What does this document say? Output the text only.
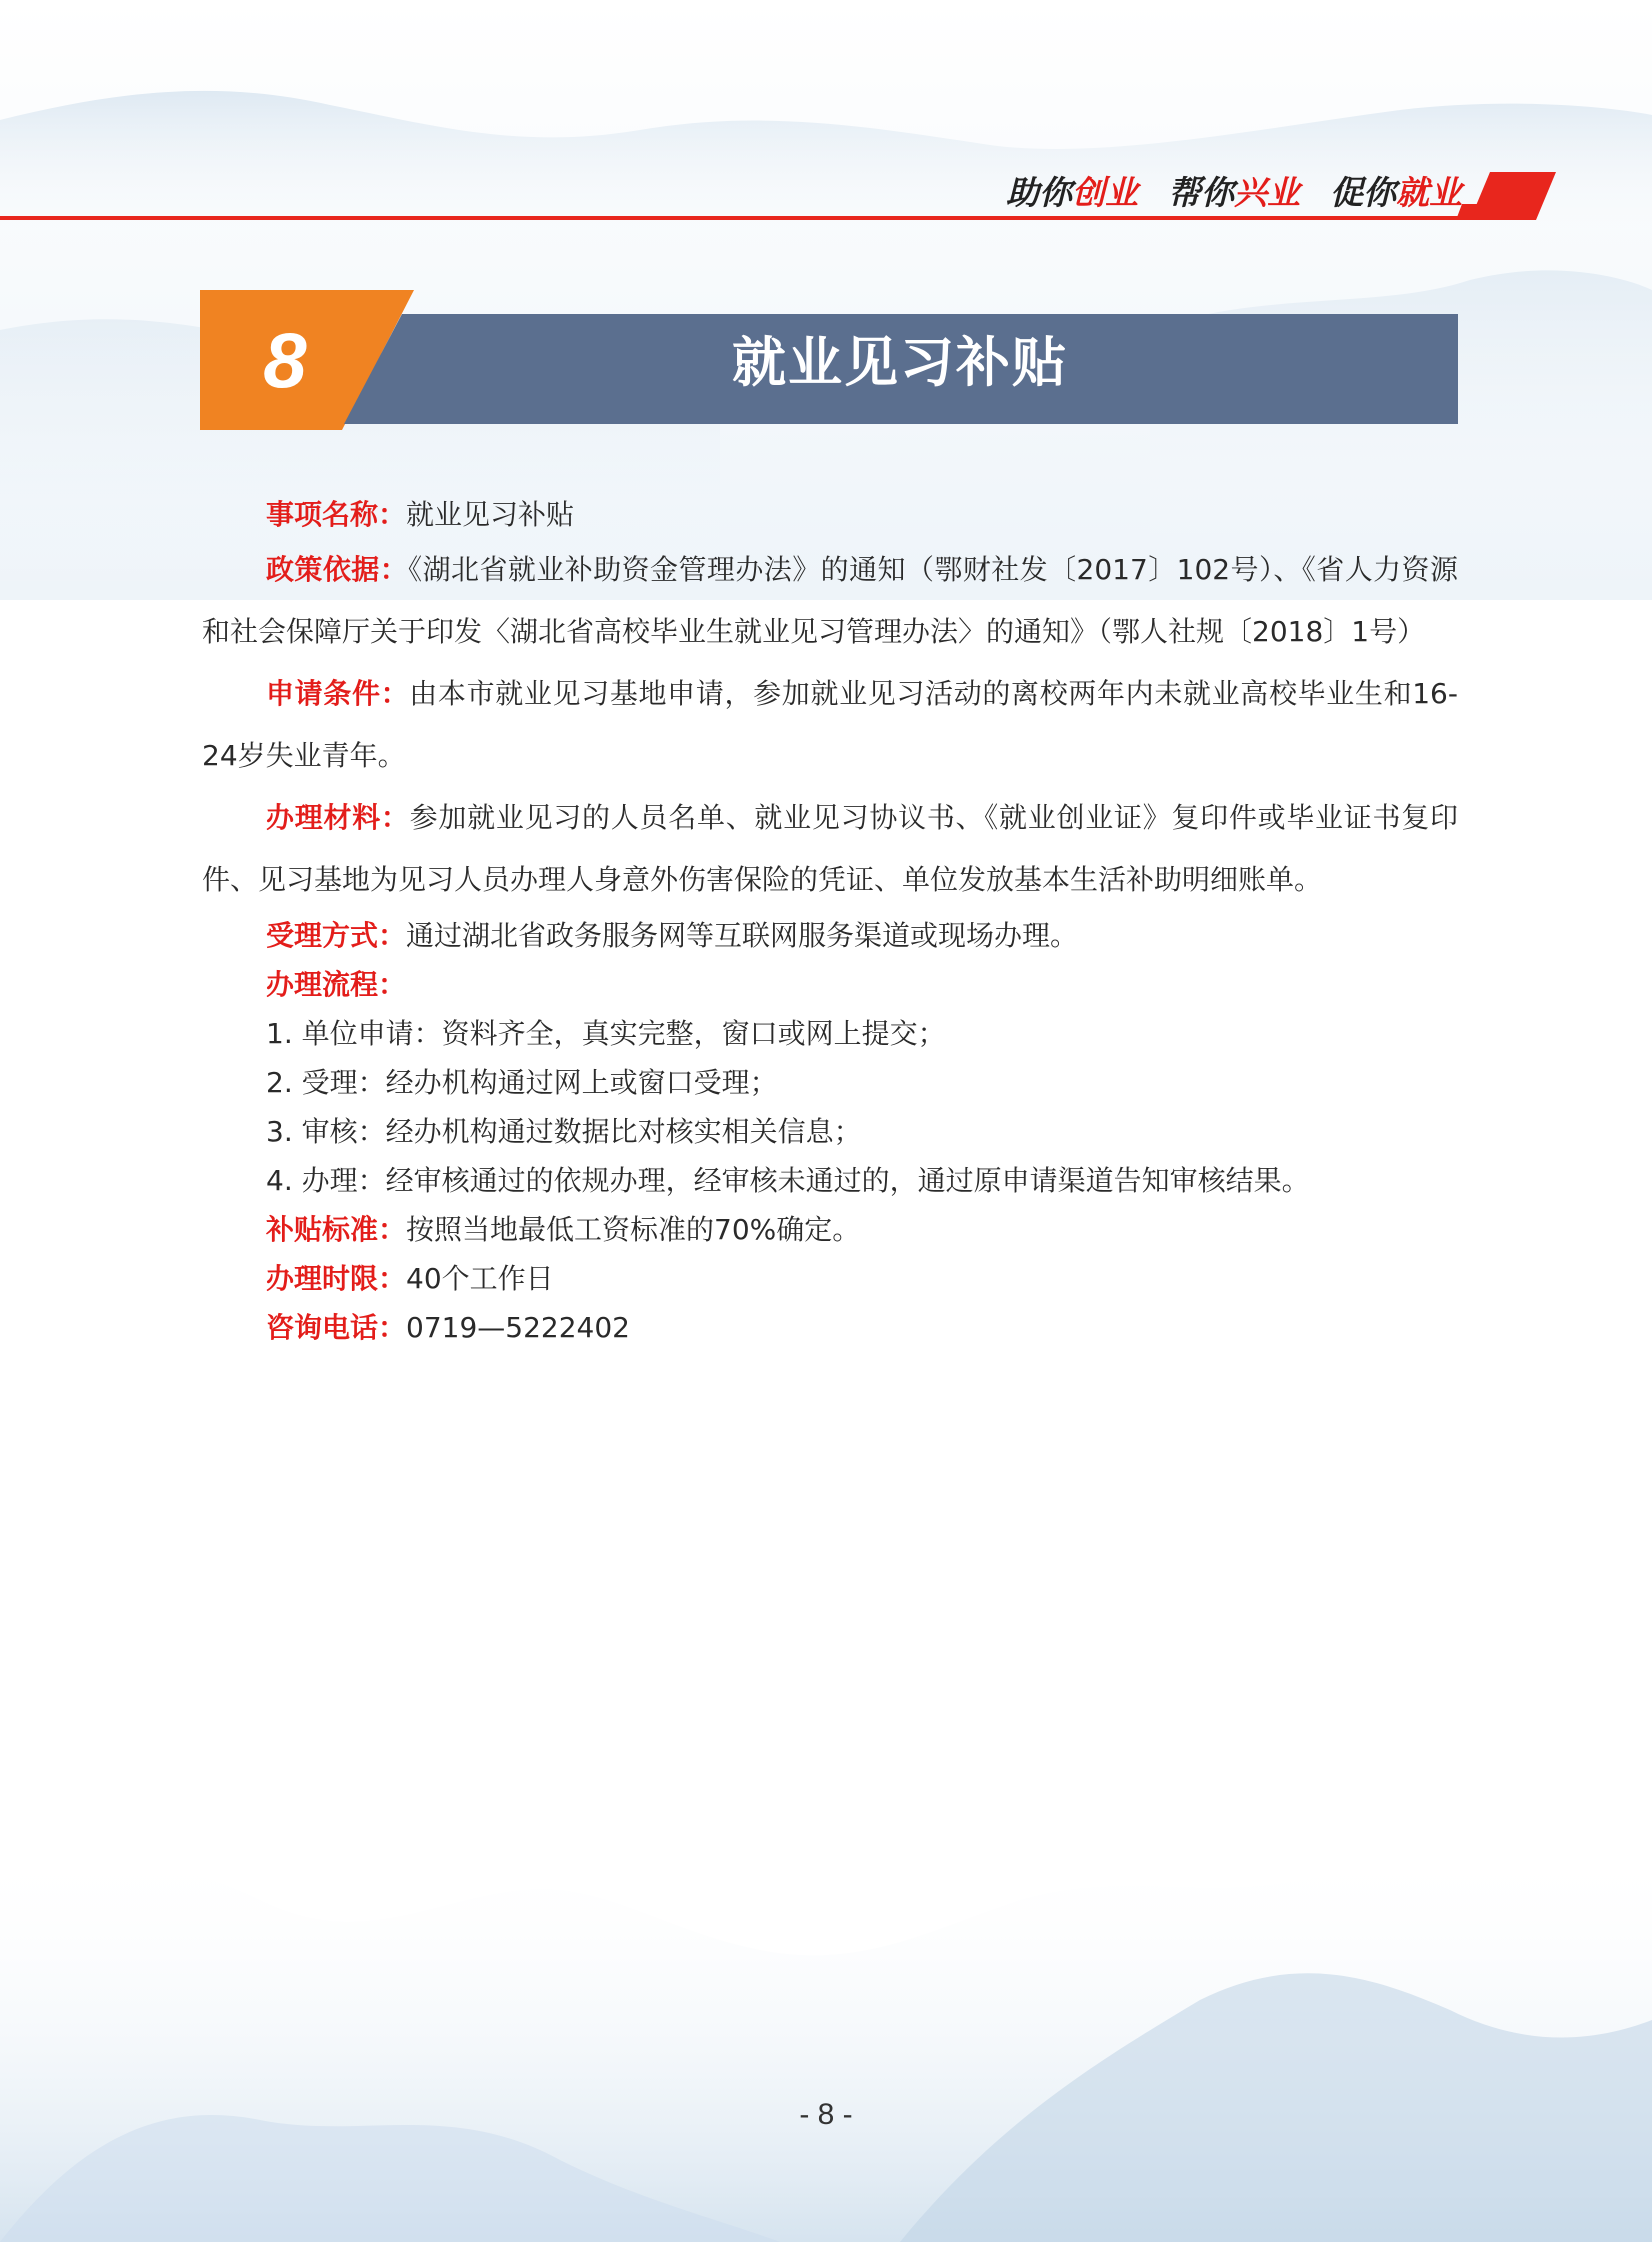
助你创业 帮你兴业 促你就业
8	就业见习补贴
事项名称：就业见习补贴
政策依据：《湖北省就业补助资金管理办法》的通知（鄂财社发〔2017〕102号）、《省人力资源和社会保障厅关于印发〈湖北省高校毕业生就业见习管理办法〉的通知》（鄂人社规〔2018〕1号）
申请条件：由本市就业见习基地申请，参加就业见习活动的离校两年内未就业高校毕业生和16-24岁失业青年。
办理材料：参加就业见习的人员名单、就业见习协议书、《就业创业证》复印件或毕业证书复印件、见习基地为见习人员办理人身意外伤害保险的凭证、单位发放基本生活补助明细账单。
受理方式：通过湖北省政务服务网等互联网服务渠道或现场办理。
办理流程：
1. 单位申请：资料齐全，真实完整，窗口或网上提交；
2. 受理：经办机构通过网上或窗口受理；
3. 审核：经办机构通过数据比对核实相关信息；
4. 办理：经审核通过的依规办理，经审核未通过的，通过原申请渠道告知审核结果。
补贴标准：按照当地最低工资标准的70%确定。
办理时限：40个工作日
咨询电话：0719—5222402
- 8 -
